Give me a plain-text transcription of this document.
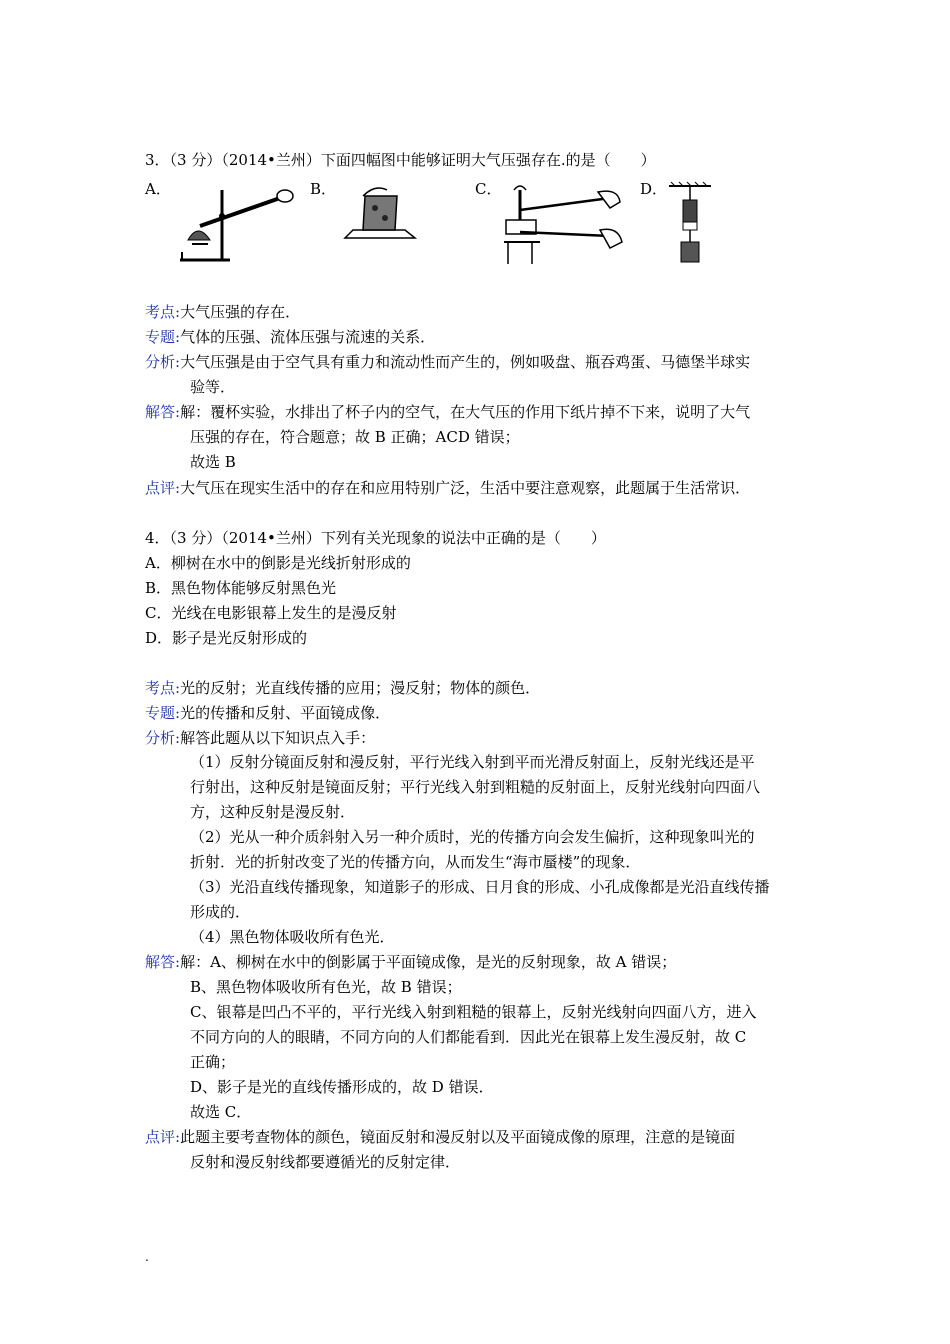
3．（3 分）（2014•兰州）下面四幅图中能够证明大气压强存在.的是（　　）
A．	B．	C．	D．
考点:大气压强的存在．
专题:气体的压强、流体压强与流速的关系．
分析:大气压强是由于空气具有重力和流动性而产生的，例如吸盘、瓶吞鸡蛋、马德堡半球实
验等．
解答:解：覆杯实验，水排出了杯子内的空气，在大气压的作用下纸片掉不下来，说明了大气
压强的存在，符合题意；故 B 正确；ACD 错误；
故选 B
点评:大气压在现实生活中的存在和应用特别广泛，生活中要注意观察，此题属于生活常识．
4．（3 分）（2014•兰州）下列有关光现象的说法中正确的是（　　）
A．柳树在水中的倒影是光线折射形成的
B．黑色物体能够反射黑色光
C．光线在电影银幕上发生的是漫反射
D．影子是光反射形成的
考点:光的反射；光直线传播的应用；漫反射；物体的颜色．
专题:光的传播和反射、平面镜成像．
分析:解答此题从以下知识点入手：
（1）反射分镜面反射和漫反射，平行光线入射到平而光滑反射面上，反射光线还是平
行射出，这种反射是镜面反射；平行光线入射到粗糙的反射面上，反射光线射向四面八
方，这种反射是漫反射．
（2）光从一种介质斜射入另一种介质时，光的传播方向会发生偏折，这种现象叫光的
折射．光的折射改变了光的传播方向，从而发生“海市蜃楼”的现象．
（3）光沿直线传播现象，知道影子的形成、日月食的形成、小孔成像都是光沿直线传播
形成的．
（4）黑色物体吸收所有色光．
解答:解：A、柳树在水中的倒影属于平面镜成像，是光的反射现象，故 A 错误；
B、黑色物体吸收所有色光，故 B 错误；
C、银幕是凹凸不平的，平行光线入射到粗糙的银幕上，反射光线射向四面八方，进入
不同方向的人的眼睛，不同方向的人们都能看到．因此光在银幕上发生漫反射，故 C
正确；
D、影子是光的直线传播形成的，故 D 错误．
故选 C．
点评:此题主要考查物体的颜色，镜面反射和漫反射以及平面镜成像的原理，注意的是镜面
反射和漫反射线都要遵循光的反射定律．
.
